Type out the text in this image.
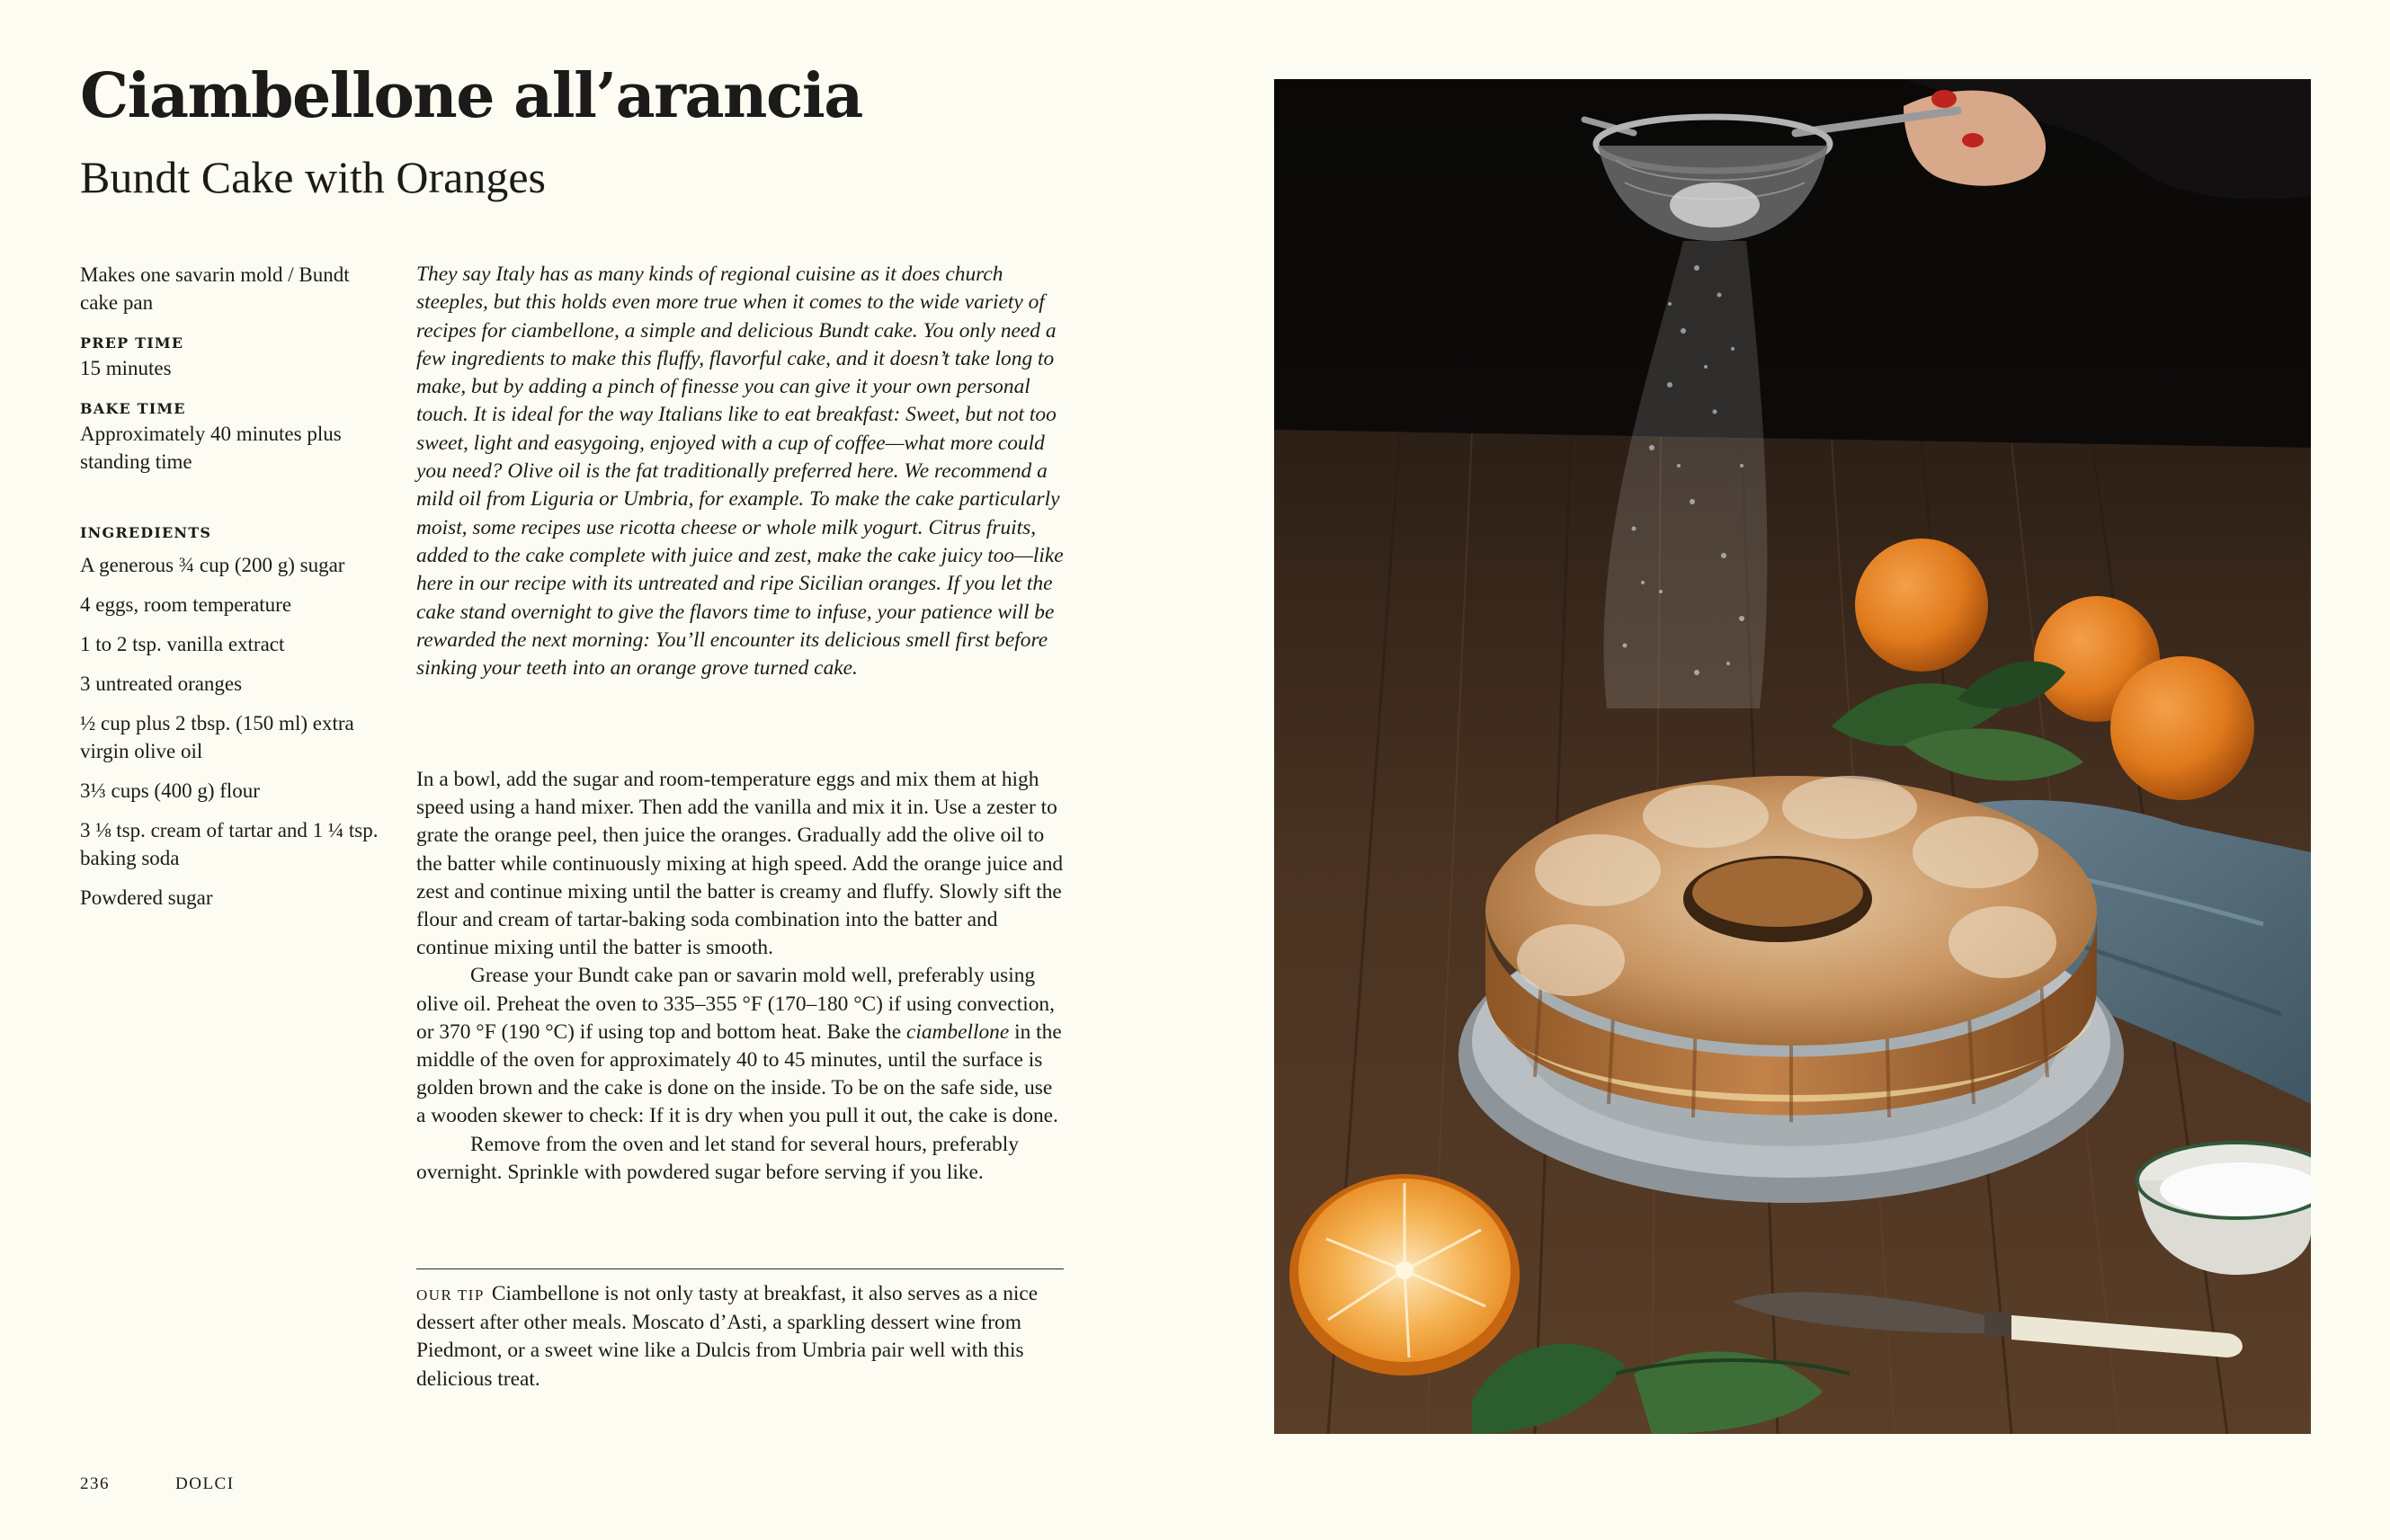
Ciambellone all’arancia
Bundt Cake with Oranges

Makes one savarin mold / Bundt cake pan

PREP TIME

15 minutes

BAKE TIME

Approximately 40 minutes plus standing time

INGREDIENTS

A generous ¾ cup (200 g) sugar
4 eggs, room temperature
1 to 2 tsp. vanilla extract
3 untreated oranges
½ cup plus 2 tbsp. (150 ml) extra virgin olive oil
3⅓ cups (400 g) flour
3 ⅛ tsp. cream of tartar and 1 ¼ tsp. baking soda
Powdered sugar

They say Italy has as many kinds of regional cuisine as it does church steeples, but this holds even more true when it comes to the wide variety of recipes for ciambellone, a simple and delicious Bundt cake. You only need a few ingredients to make this fluffy, flavorful cake, and it doesn’t take long to make, but by adding a pinch of finesse you can give it your own personal touch. It is ideal for the way Italians like to eat breakfast: Sweet, but not too sweet, light and easygoing, enjoyed with a cup of coffee—what more could you need? Olive oil is the fat traditionally preferred here. We recommend a mild oil from Liguria or Umbria, for example. To make the cake particularly moist, some recipes use ricotta cheese or whole milk yogurt. Citrus fruits, added to the cake complete with juice and zest, make the cake juicy too—like here in our recipe with its untreated and ripe Sicilian oranges. If you let the cake stand overnight to give the flavors time to infuse, your patience will be rewarded the next morning: You’ll encounter its delicious smell first before sinking your teeth into an orange grove turned cake.

In a bowl, add the sugar and room-temperature eggs and mix them at high speed using a hand mixer. Then add the vanilla and mix it in. Use a zester to grate the orange peel, then juice the oranges. Gradually add the olive oil to the batter while continuously mixing at high speed. Add the orange juice and zest and continue mixing until the batter is creamy and fluffy. Slowly sift the flour and cream of tartar-baking soda combination into the batter and continue mixing until the batter is smooth.

Grease your Bundt cake pan or savarin mold well, preferably using olive oil. Preheat the oven to 335–355 °F (170–180 °C) if using convection, or 370 °F (190 °C) if using top and bottom heat. Bake the ciambellone in the middle of the oven for approximately 40 to 45 minutes, until the surface is golden brown and the cake is done on the inside. To be on the safe side, use a wooden skewer to check: If it is dry when you pull it out, the cake is done.

Remove from the oven and let stand for several hours, preferably overnight. Sprinkle with powdered sugar before serving if you like.

OUR TIP Ciambellone is not only tasty at breakfast, it also serves as a nice dessert after other meals. Moscato d’Asti, a sparkling dessert wine from Piedmont, or a sweet wine like a Dulcis from Umbria pair well with this delicious treat.
236	DOLCI
